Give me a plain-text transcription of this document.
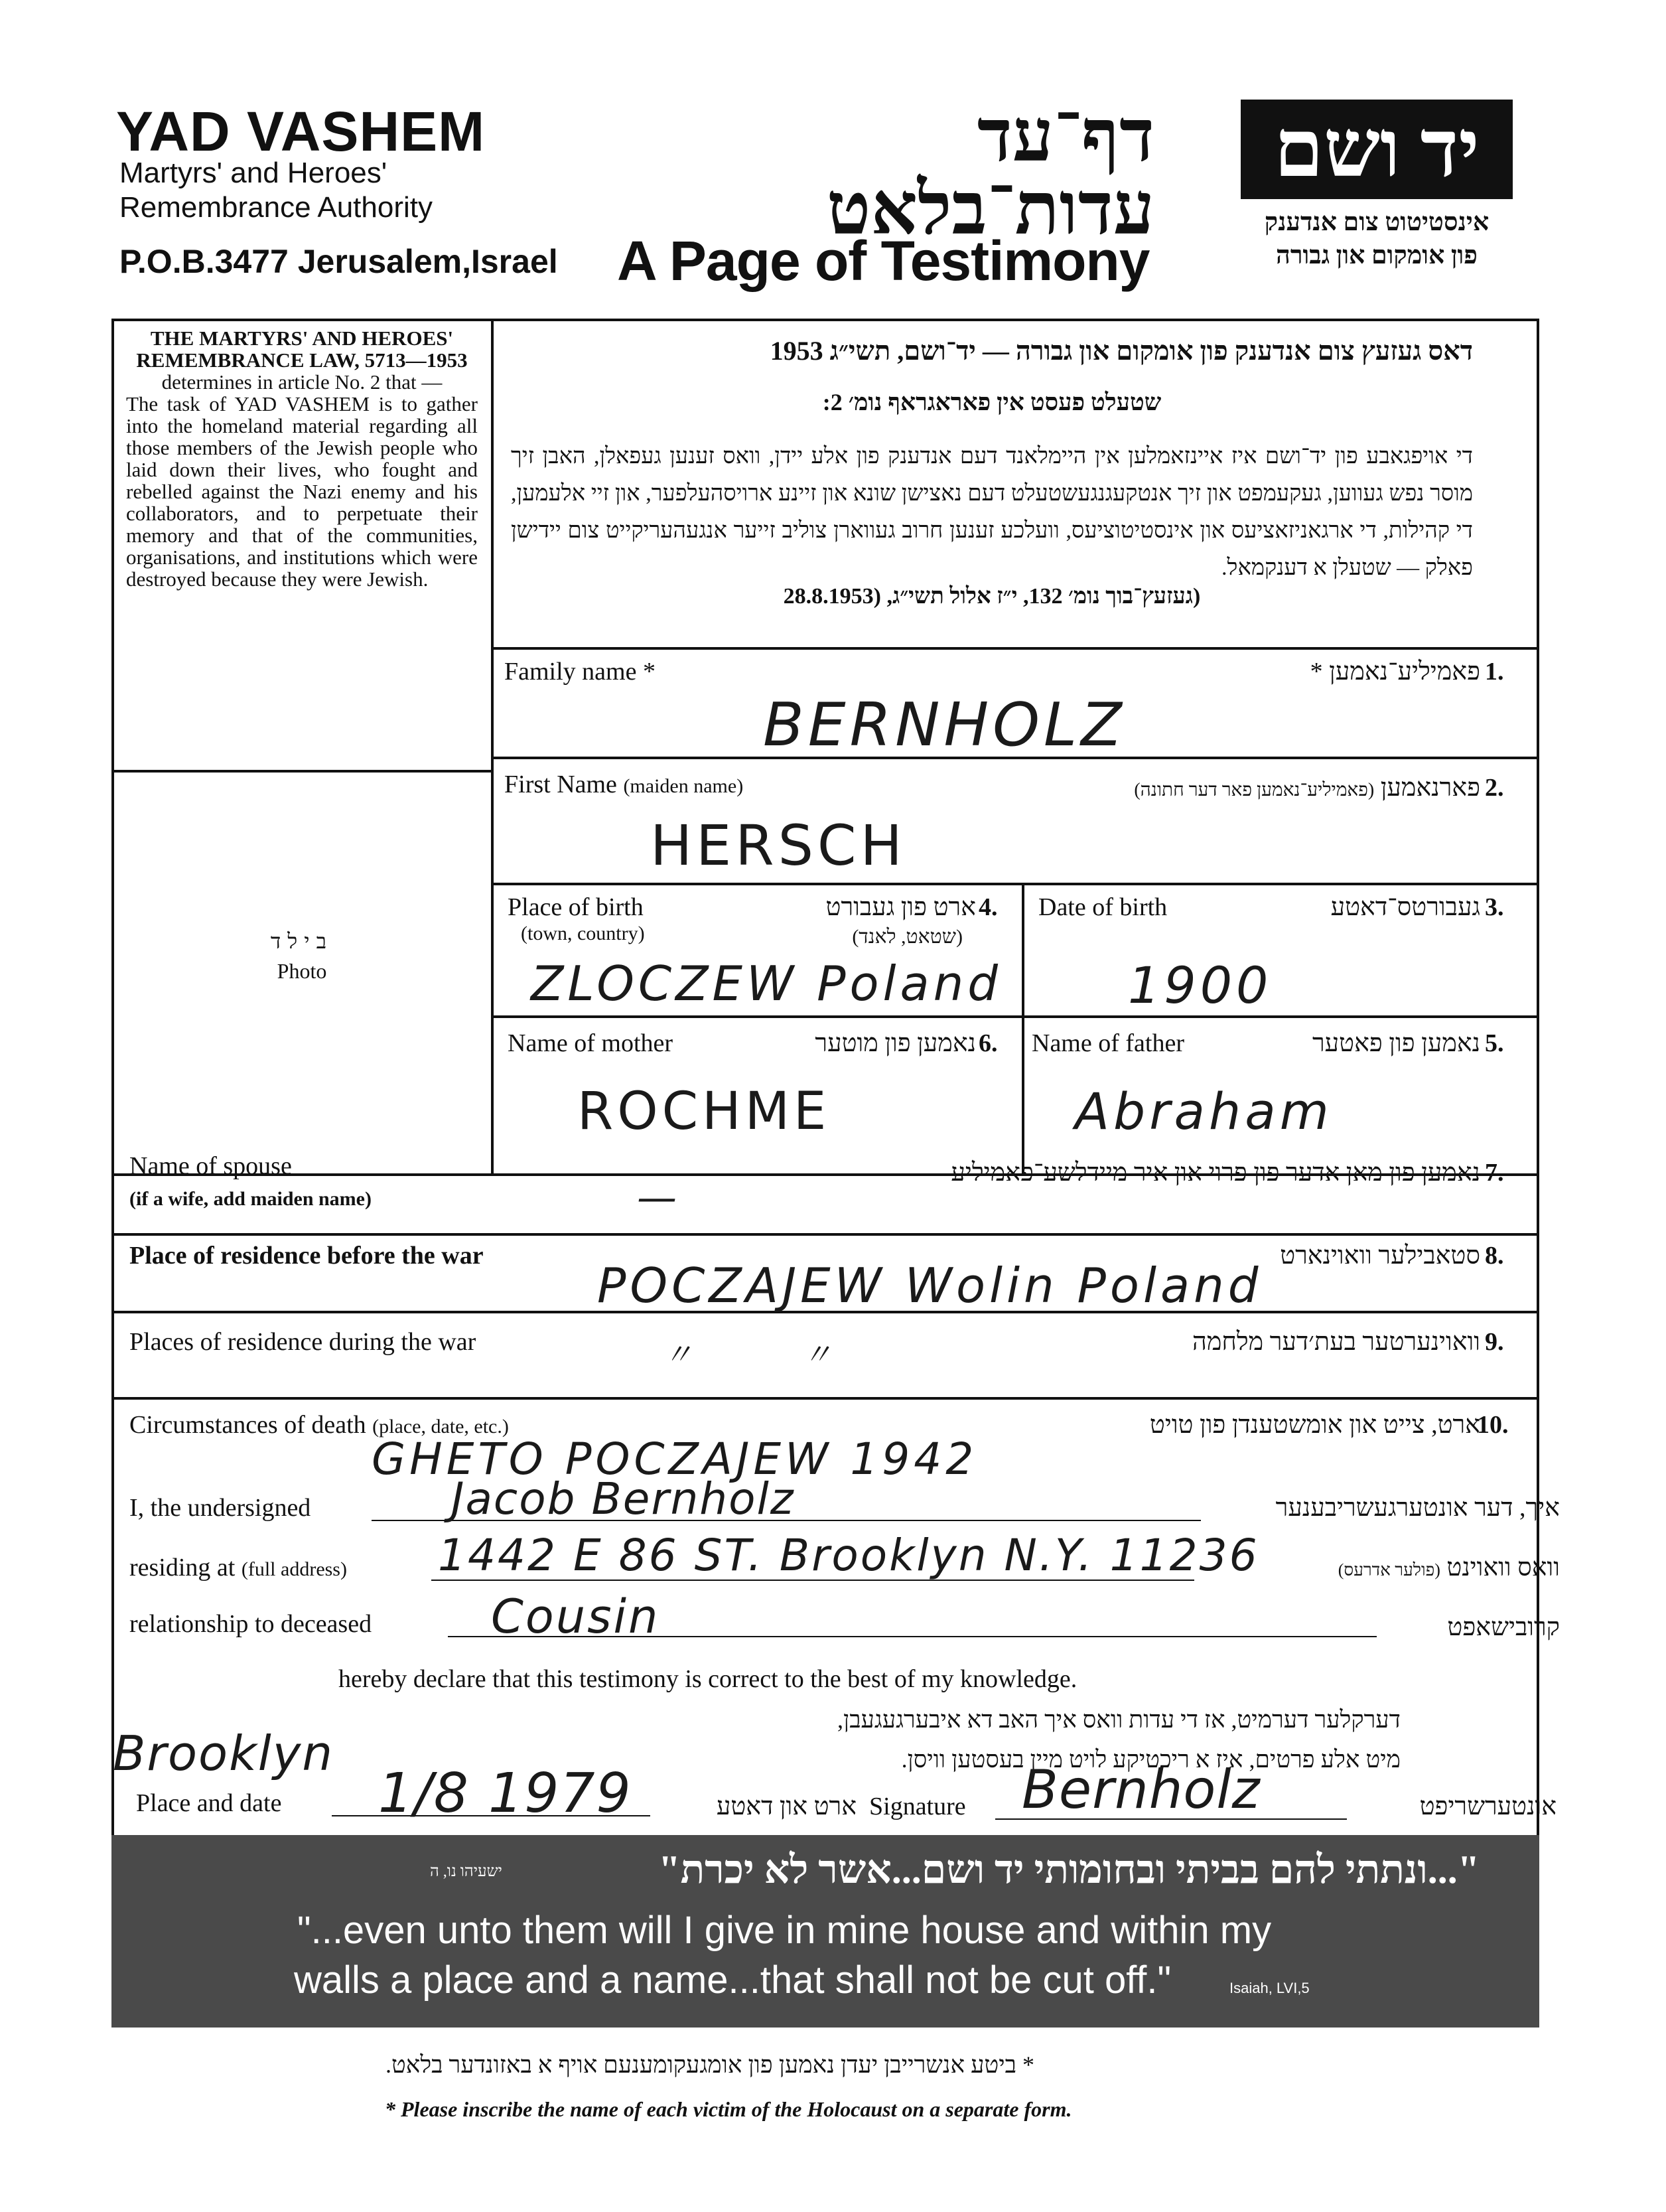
YAD VASHEM
Martyrs' and Heroes' Remembrance Authority
P.O.B.3477 Jerusalem,Israel
דף־עד
עדות־בלאט
A Page of Testimony
יד ושם
אינסטיטוט צום אנדענק
פון אומקום און גבורה
THE MARTYRS' AND HEROES' REMEMBRANCE LAW, 5713—1953
determines in article No. 2 that —
The task of YAD VASHEM is to gather into the homeland material regarding all those members of the Jewish people who laid down their lives, who fought and rebelled against the Nazi enemy and his collaborators, and to perpetuate their memory and that of the communities, organisations, and institutions which were destroyed because they were Jewish.
בילד
Photo
דאס געזעץ צום אנדענק פון אומקום און גבורה — יד־ושם, תשי״ג 1953
שטעלט פעסט אין פאראגראף נומ׳ 2:
די אויפגאבע פון יד־ושם איז איינזאמלען אין היימלאנד דעם אנדענק פון אלע יידן, וואס זענען געפאלן, האבן זיך מוסר נפש געווען, געקעמפט און זיך אנטקעגנגעשטעלט דעם נאצישן שונא און זיינע ארויסהעלפער, און זיי אלעמען, די קהילות, די ארגאניזאציעס און אינסטיטוציעס, וועלכע זענען חרוב געווארן צוליב זייער אנגעהעריקייט צום יידישן פאלק — שטעלן א דענקמאל.
(געזעץ־בוך נומ׳ 132, י״ז אלול תשי״ג, (28.8.1953
Family name *	פאמיליע־נאמען * 1.
BERNHOLZ
First Name (maiden name)	פארנאמען (פאמיליע־נאמען פאר דער חתונה)	2.
HERSCH
Place of birth
(town, country)
ארט פון געבורט
(שטאט, לאנד)
4.
ZLOCZEW Poland
Date of birth	געבורטס־דאטע 3.
1900
Name of mother	נאמען פון מוטער 6.
ROCHME
Name of father	נאמען פון פאטער 5.
Abraham
Name of spouse
(if a wife, add maiden name)
נאמען פון מאן אדער פון פרוי און איר מיידלשע־פאמיליע 7.
—
Place of residence before the war	סטאבילער וואוינארט 8.
POCZAJEW Wolin Poland
Places of residence during the war	וואוינערטער בעת׳דער מלחמה 9.
〃        〃
Circumstances of death (place, date, etc.)	ארט, צייט און אומשטענדן פון טויט
10.
GHETO POCZAJEW 1942
I, the undersigned	איך, דער אונטערגעשריבענער
Jacob Bernholz
residing at (full address)	וואס וואוינט (פולער אדרעס)
1442 E 86 ST. Brooklyn N.Y. 11236
relationship to deceased	קרובישאפט
Cousin
hereby declare that this testimony is correct to the best of my knowledge.
דערקלער דערמיט, אז די עדות וואס איך האב דא איבערגעגעבן,
מיט אלע פרטים, איז א ריכטיקע לויט מיין בעסטען וויסן.
Brooklyn
Place and date 1/8 1979	ארט און דאטע Signature Bernholz	אונטערשריפט
"...ונתתי להם בביתי ובחומותי יד ושם...אשר לא יכרת"
ישעיהו נו, ה
"...even unto them will I give in mine house and within my
walls a place and a name...that shall not be cut off."	Isaiah, LVI,5
* ביטע אנשרייבן יעדן נאמען פון אומגעקומענעם אויף א באזונדער בלאט.
* Please inscribe the name of each victim of the Holocaust on a separate form.
